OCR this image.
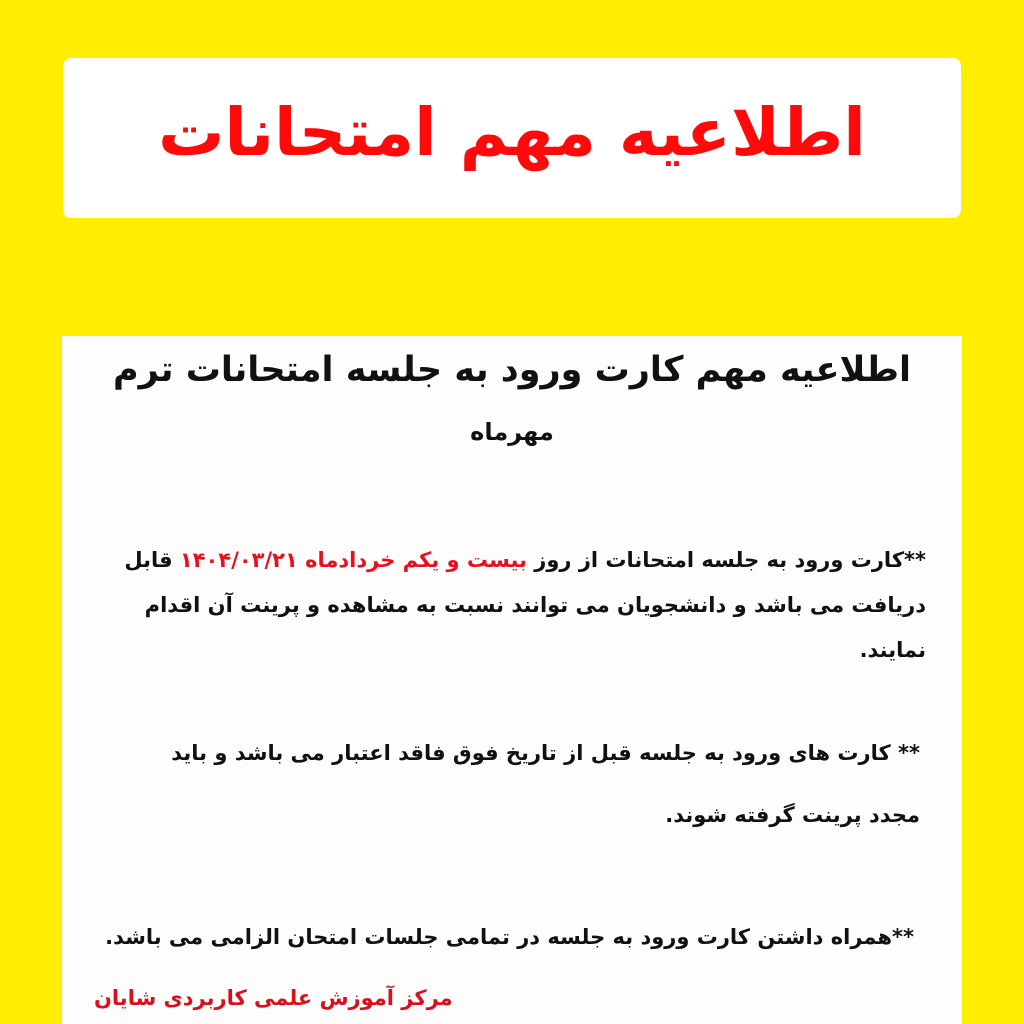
اطلاعیه مهم امتحانات
اطلاعیه مهم کارت ورود به جلسه امتحانات ترم
مهرماه

**کارت ورود به جلسه امتحانات از روز بیست و یکم خردادماه ۱۴۰۴/۰۳/۲۱ قابل دریافت می باشد و دانشجویان می توانند نسبت به مشاهده و پرینت آن اقدام نمایند.

** کارت های ورود به جلسه قبل از تاریخ فوق فاقد اعتبار می باشد و باید مجدد پرینت گرفته شوند.

**همراه داشتن کارت ورود به جلسه در تمامی جلسات امتحان الزامی می باشد.

مرکز آموزش علمی کاربردی شایان
